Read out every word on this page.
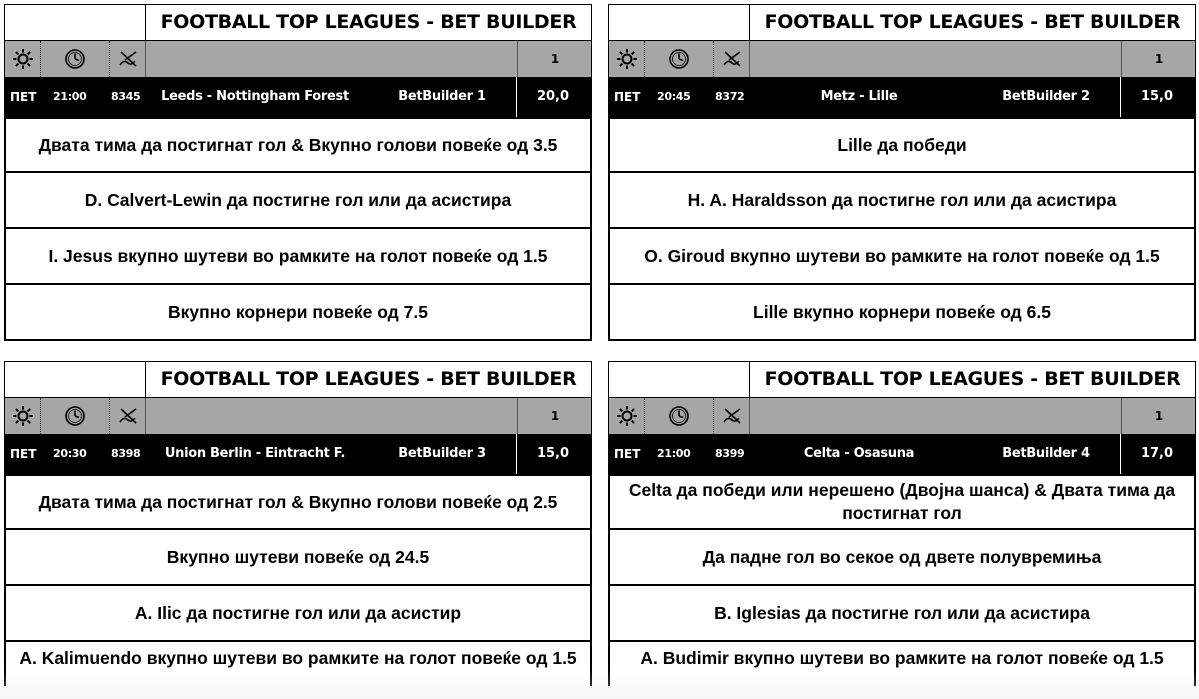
FOOTBALL TOP LEAGUES - BET BUILDER
1
ПЕТ 21:00 8345	Leeds - Nottingham Forest	BetBuilder 1	20,0
Двата тима да постигнат гол & Вкупно голови повеќе од 3.5
D. Calvert-Lewin да постигне гол или да асистира
I. Jesus вкупно шутеви во рамките на голот повеќе од 1.5
Вкупно корнери повеќе од 7.5
FOOTBALL TOP LEAGUES - BET BUILDER
1
ПЕТ 20:45 8372	Metz - Lille	BetBuilder 2	15,0
Lille да победи
H. A. Haraldsson да постигне гол или да асистира
O. Giroud вкупно шутеви во рамките на голот повеќе од 1.5
Lille вкупно корнери повеќе од 6.5
FOOTBALL TOP LEAGUES - BET BUILDER
1
ПЕТ 20:30 8398	Union Berlin - Eintracht F.	BetBuilder 3	15,0
Двата тима да постигнат гол & Вкупно голови повеќе од 2.5
Вкупно шутеви повеќе од 24.5
A. Ilic да постигне гол или да асистир
A. Kalimuendo вкупно шутеви во рамките на голот повеќе од 1.5
FOOTBALL TOP LEAGUES - BET BUILDER
1
ПЕТ 21:00 8399	Celta - Osasuna	BetBuilder 4	17,0
Celta да победи или нерешено (Двојна шанса) & Двата тима да постигнат гол
Да падне гол во секое од двете полувремиња
B. Iglesias да постигне гол или да асистира
A. Budimir вкупно шутеви во рамките на голот повеќе од 1.5
